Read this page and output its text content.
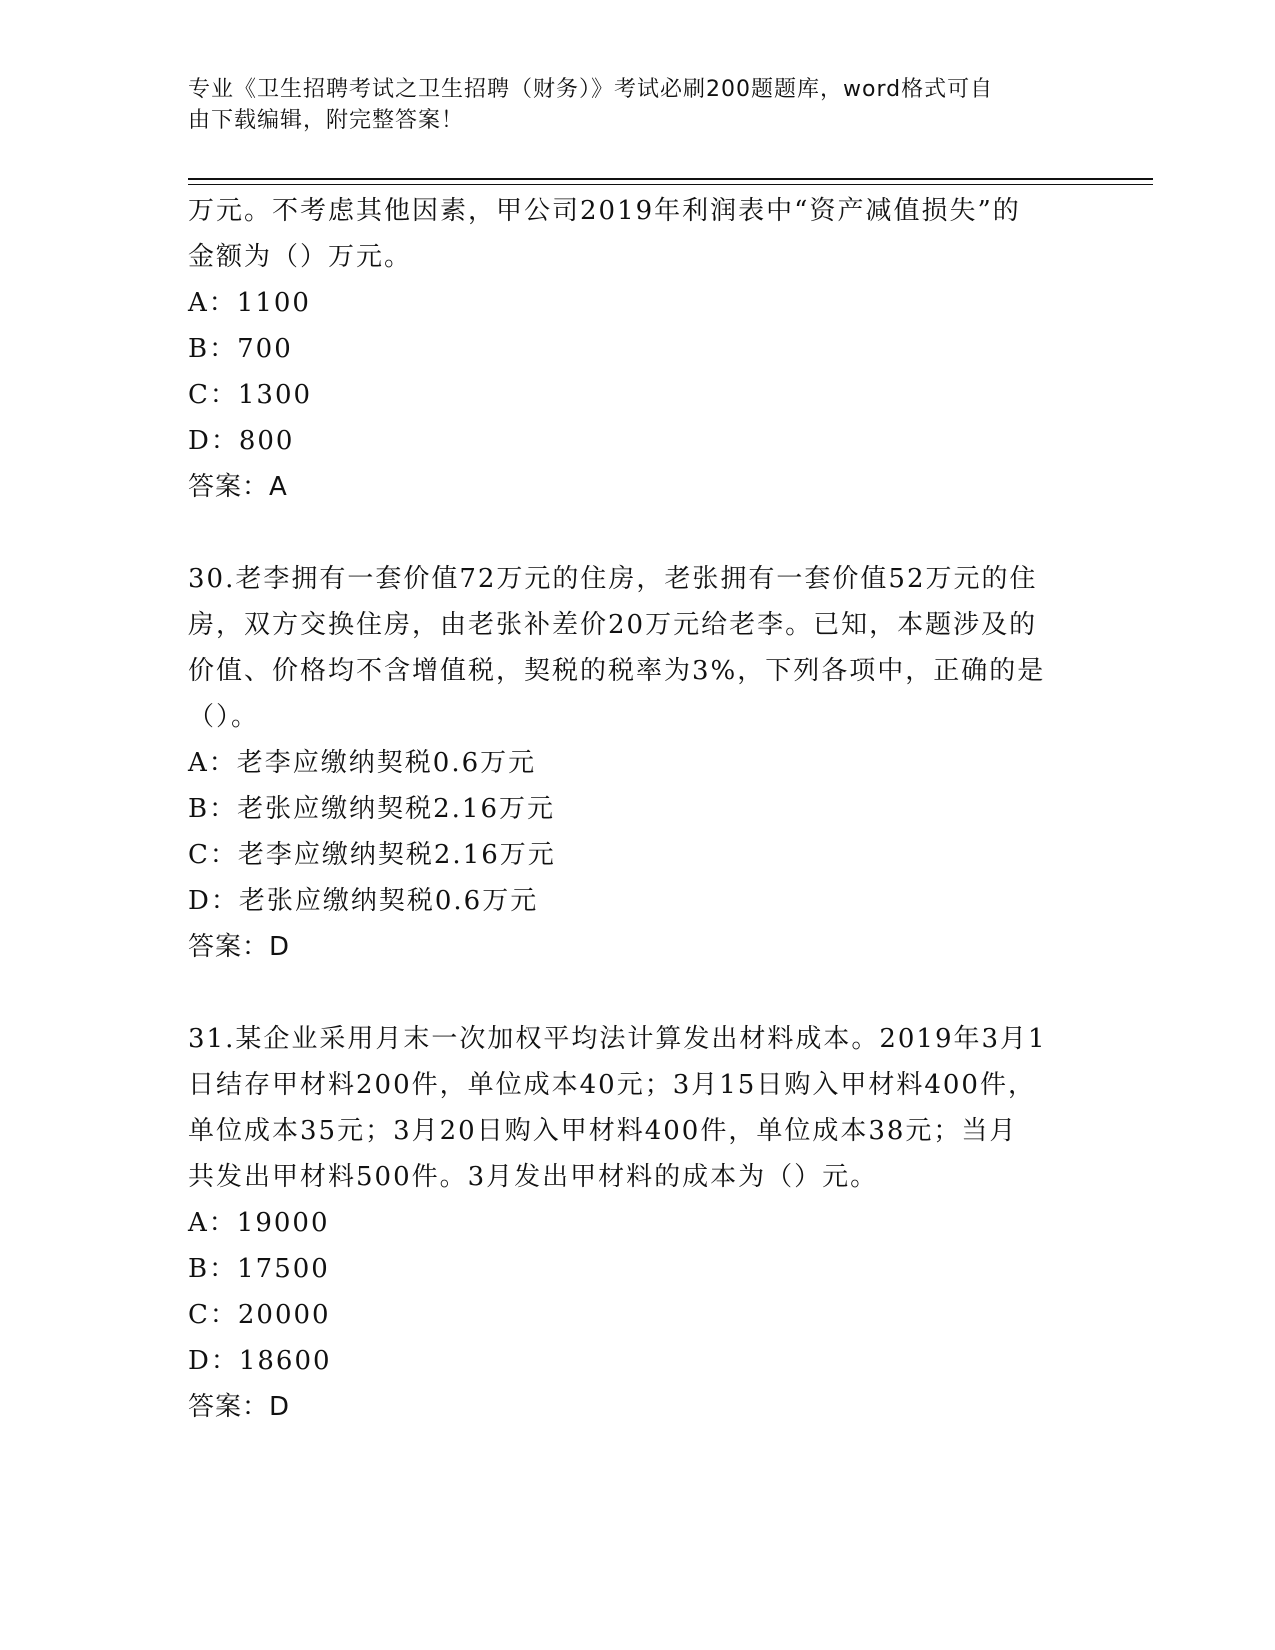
专业《卫生招聘考试之卫生招聘（财务）》考试必刷200题题库，word格式可自
由下载编辑，附完整答案！
万元。不考虑其他因素，甲公司2019年利润表中“资产减值损失”的
金额为（）万元。
A：1100
B：700
C：1300
D：800
答案：A
30.老李拥有一套价值72万元的住房，老张拥有一套价值52万元的住
房，双方交换住房，由老张补差价20万元给老李。已知，本题涉及的
价值、价格均不含增值税，契税的税率为3%，下列各项中，正确的是
（）。
A：老李应缴纳契税0.6万元
B：老张应缴纳契税2.16万元
C：老李应缴纳契税2.16万元
D：老张应缴纳契税0.6万元
答案：D
31.某企业采用月末一次加权平均法计算发出材料成本。2019年3月1
日结存甲材料200件，单位成本40元；3月15日购入甲材料400件，
单位成本35元；3月20日购入甲材料400件，单位成本38元；当月
共发出甲材料500件。3月发出甲材料的成本为（）元。
A：19000
B：17500
C：20000
D：18600
答案：D
